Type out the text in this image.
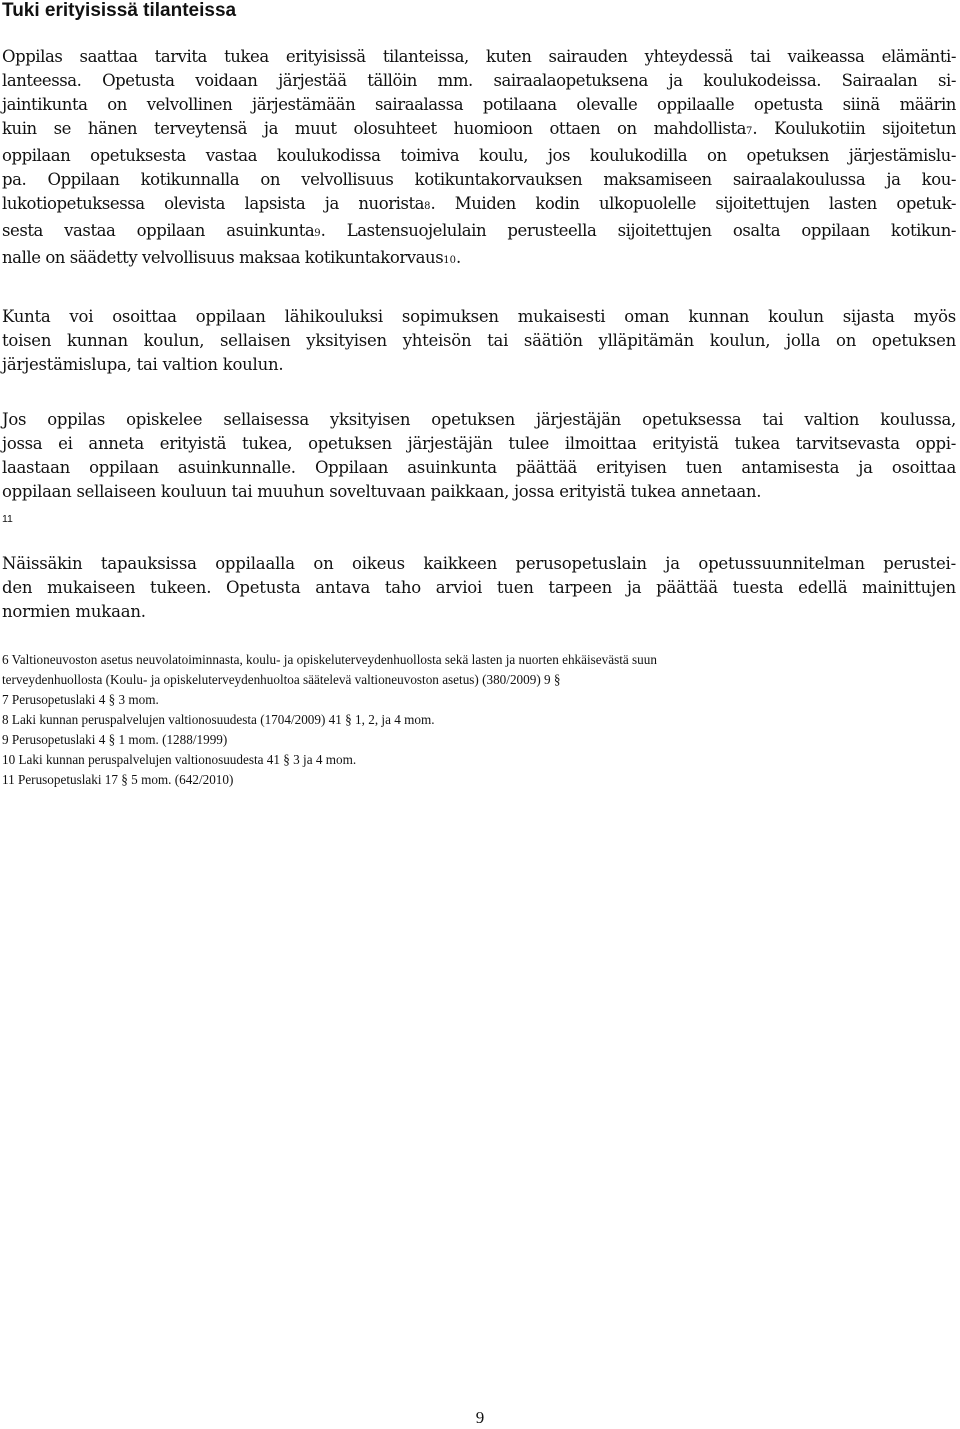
Tuki erityisissä tilanteissa
Oppilas saattaa tarvita tukea erityisissä tilanteissa, kuten sairauden yhteydessä tai vaikeassa elämänti-
lanteessa. Opetusta voidaan järjestää tällöin mm. sairaalaopetuksena ja koulukodeissa. Sairaalan si-
jaintikunta on velvollinen järjestämään sairaalassa potilaana olevalle oppilaalle opetusta siinä määrin
kuin se hänen terveytensä ja muut olosuhteet huomioon ottaen on mahdollista7. Koulukotiin sijoitetun
oppilaan opetuksesta vastaa koulukodissa toimiva koulu, jos koulukodilla on opetuksen järjestämislu-
pa. Oppilaan kotikunnalla on velvollisuus kotikuntakorvauksen maksamiseen sairaalakoulussa ja kou-
lukotiopetuksessa olevista lapsista ja nuorista8. Muiden kodin ulkopuolelle sijoitettujen lasten opetuk-
sesta vastaa oppilaan asuinkunta9. Lastensuojelulain perusteella sijoitettujen osalta oppilaan kotikun-
nalle on säädetty velvollisuus maksaa kotikuntakorvaus10.
Kunta voi osoittaa oppilaan lähikouluksi sopimuksen mukaisesti oman kunnan koulun sijasta myös
toisen kunnan koulun, sellaisen yksityisen yhteisön tai säätiön ylläpitämän koulun, jolla on opetuksen
järjestämislupa, tai valtion koulun.
Jos oppilas opiskelee sellaisessa yksityisen opetuksen järjestäjän opetuksessa tai valtion koulussa,
jossa ei anneta erityistä tukea, opetuksen järjestäjän tulee ilmoittaa erityistä tukea tarvitsevasta oppi-
laastaan oppilaan asuinkunnalle. Oppilaan asuinkunta päättää erityisen tuen antamisesta ja osoittaa
oppilaan sellaiseen kouluun tai muuhun soveltuvaan paikkaan, jossa erityistä tukea annetaan.

11

Näissäkin tapauksissa oppilaalla on oikeus kaikkeen perusopetuslain ja opetussuunnitelman perustei-
den mukaiseen tukeen. Opetusta antava taho arvioi tuen tarpeen ja päättää tuesta edellä mainittujen
normien mukaan.
6 Valtioneuvoston asetus neuvolatoiminnasta, koulu- ja opiskeluterveydenhuollosta sekä lasten ja nuorten ehkäisevästä suun
terveydenhuollosta (Koulu- ja opiskeluterveydenhuoltoa säätelevä valtioneuvoston asetus) (380/2009) 9 §
7 Perusopetuslaki 4 § 3 mom.
8 Laki kunnan peruspalvelujen valtionosuudesta (1704/2009) 41 § 1, 2, ja 4 mom.
9 Perusopetuslaki 4 § 1 mom. (1288/1999)
10 Laki kunnan peruspalvelujen valtionosuudesta 41 § 3 ja 4 mom.
11 Perusopetuslaki 17 § 5 mom. (642/2010)

9
